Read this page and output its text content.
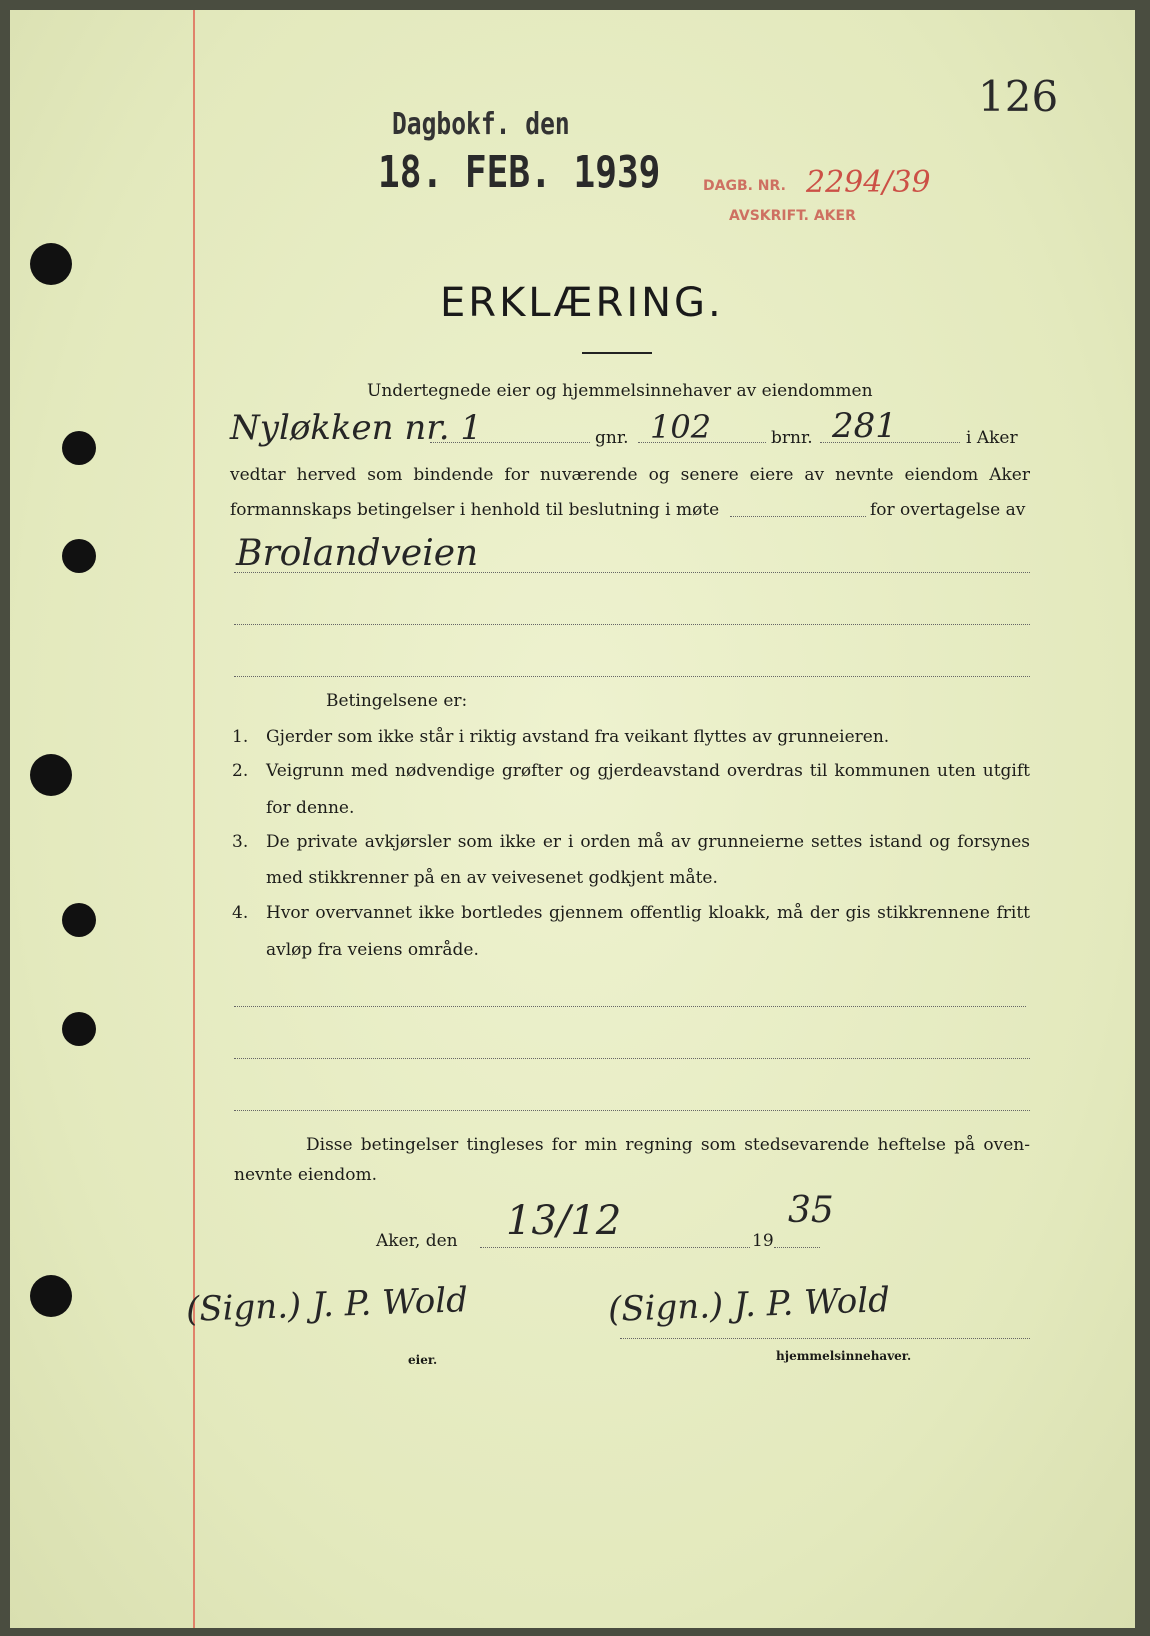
126
Dagbokf. den
18. FEB. 1939	DAGB. NR. 2294/39
AVSKRIFT. AKER
ERKLÆRING.
Undertegnede eier og hjemmelsinnehaver av eiendommen
Nyløkken nr. 1	gnr. 102	brnr. 281	i Aker
vedtar herved som bindende for nuværende og senere eiere av nevnte eiendom Aker
formannskaps betingelser i henhold til beslutning i møte	for overtagelse av
Brolandveien
Betingelsene er:
1. Gjerder som ikke står i riktig avstand fra veikant flyttes av grunneieren.
2. Veigrunn med nødvendige grøfter og gjerdeavstand overdras til kommunen uten utgift
for denne.
3. De private avkjørsler som ikke er i orden må av grunneierne settes istand og forsynes
med stikkrenner på en av veivesenet godkjent måte.
4. Hvor overvannet ikke bortledes gjennem offentlig kloakk, må der gis stikkrennene fritt
avløp fra veiens område.
Disse betingelser tingleses for min regning som stedsevarende heftelse på oven-
nevnte eiendom.
Aker, den 13/12	19
35
(Sign.) J. P. Wold
eier.
(Sign.) J. P. Wold
hjemmelsinnehaver.
